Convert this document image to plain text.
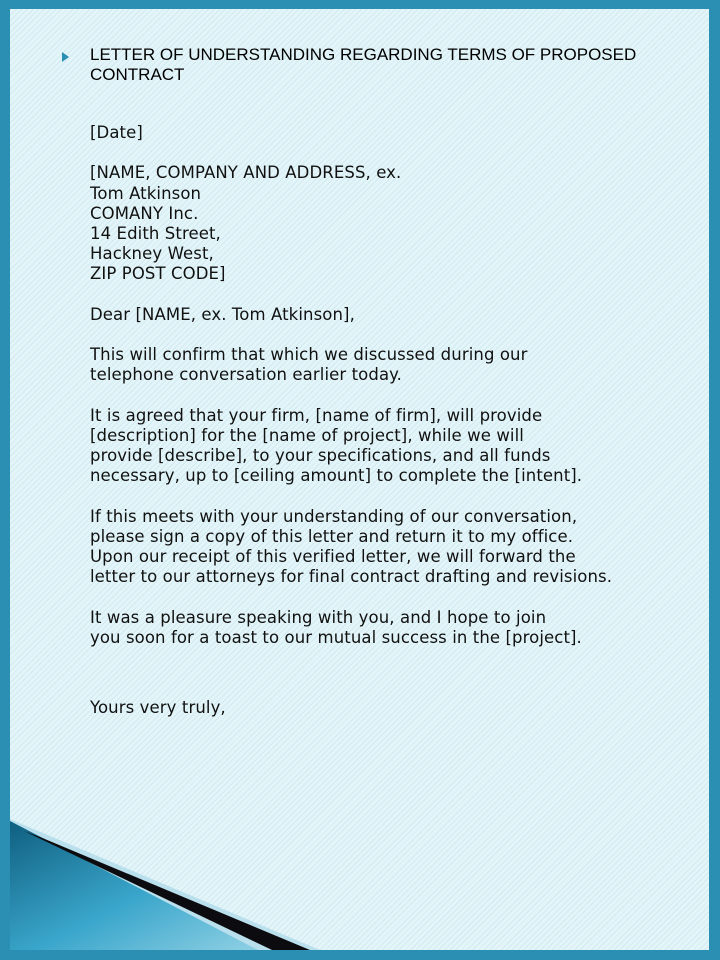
LETTER OF UNDERSTANDING REGARDING TERMS OF PROPOSED CONTRACT
[Date]
[NAME, COMPANY AND ADDRESS, ex.
Tom Atkinson
COMANY Inc.
14 Edith Street,
Hackney West,
ZIP POST CODE]
Dear [NAME, ex. Tom Atkinson],
This will confirm that which we discussed during our
telephone conversation earlier today.
It is agreed that your firm, [name of firm], will provide
[description] for the [name of project], while we will
provide [describe], to your specifications, and all funds
necessary, up to [ceiling amount] to complete the [intent].
If this meets with your understanding of our conversation,
please sign a copy of this letter and return it to my office.
Upon our receipt of this verified letter, we will forward the
letter to our attorneys for final contract drafting and revisions.
It was a pleasure speaking with you, and I hope to join
you soon for a toast to our mutual success in the [project].
Yours very truly,
